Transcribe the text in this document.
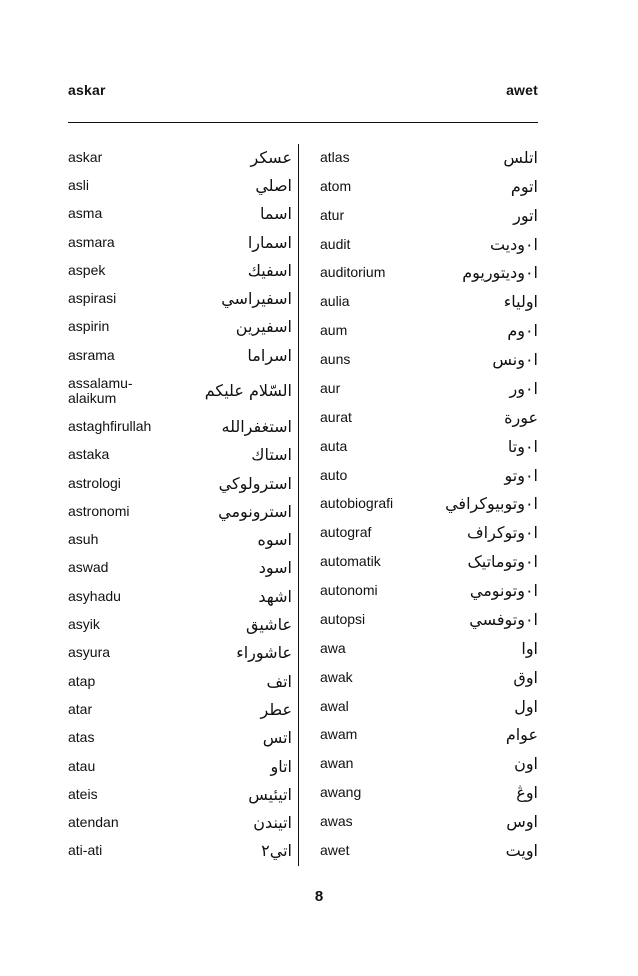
askar	awet
askar	عسكر
asli	اصلي
asma	اسما
asmara	اسمارا
aspek	اسفيك
aspirasi	اسفيراسي
aspirin	اسفيرين
asrama	اسراما
assalamu-
alaikum	السّلام عليكم
astaghfirullah	استغفرالله
astaka	استاك
astrologi	استرولوكي
astronomi	استرونومي
asuh	اسوه
aswad	اسود
asyhadu	اشهد
asyik	عاشيق
asyura	عاشوراء
atap	اتف
atar	عطر
atas	اتس
atau	اتاو
ateis	اتيئيس
atendan	اتيندن
ati-ati	اتي٢
atlas	اتلس
atom	اتوم
atur	اتور
audit	ا٠وديت
auditorium	ا٠وديتوريوم
aulia	اولياء
aum	ا٠وم
auns	ا٠ونس
aur	ا٠ور
aurat	عورة
auta	ا٠وتا
auto	ا٠وتو
autobiografi	ا٠وتوبيوكرافي
autograf	ا٠وتوكراف
automatik	ا٠وتوماتيک
autonomi	ا٠وتونومي
autopsi	ا٠وتوفسي
awa	اوا
awak	اوق
awal	اول
awam	عوام
awan	اون
awang	اوڠ
awas	اوس
awet	اويت
8
